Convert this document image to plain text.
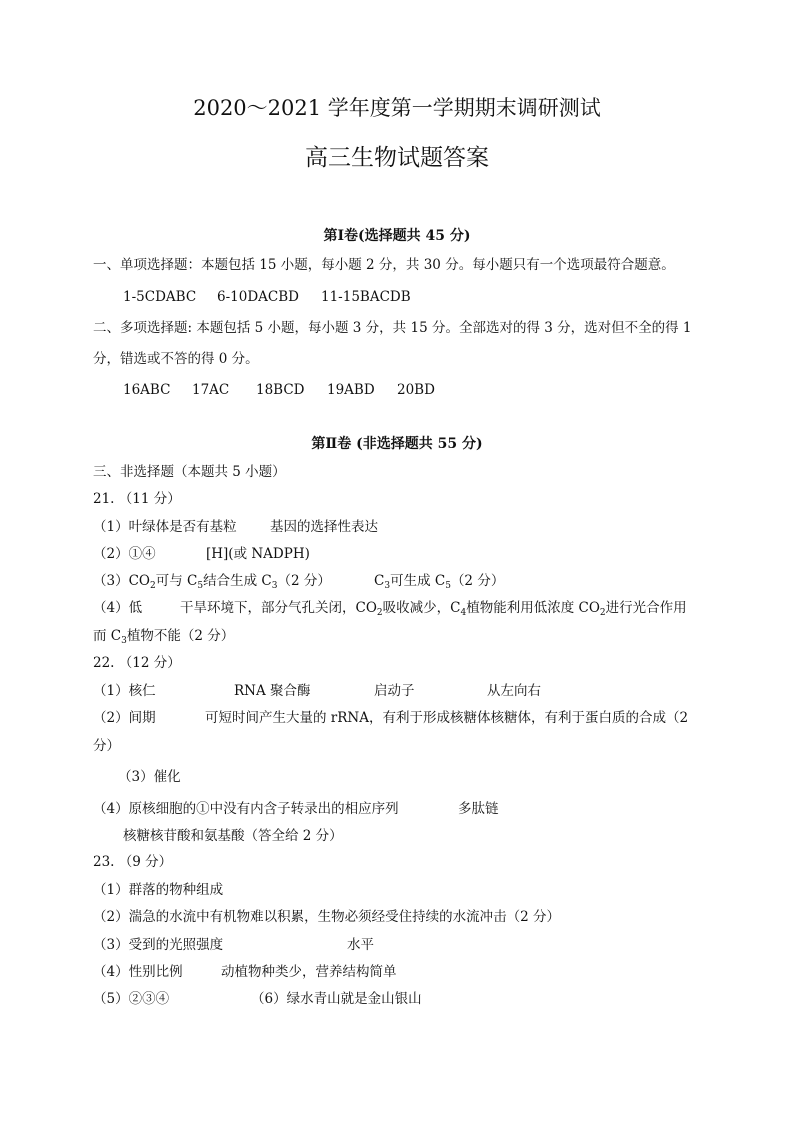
2020～2021 学年度第一学期期末调研测试
高三生物试题答案
第Ⅰ卷(选择题共 45 分)
一、单项选择题：本题包括 15 小题，每小题 2 分，共 30 分。每小题只有一个选项最符合题意。
1-5CDABC 6-10DACBD 11-15BACDB
二、多项选择题: 本题包括 5 小题，每小题 3 分，共 15 分。全部选对的得 3 分，选对但不全的得 1
分，错选或不答的得 0 分。
16ABC 17AC 18BCD 19ABD 20BD
第Ⅱ卷 (非选择题共 55 分)
三、非选择题（本题共 5 小题）
21. （11 分）
（1）叶绿体是否有基粒 基因的选择性表达
（2）①④	[H](或 NADPH)
$(3)CO_2$可与 $C_5$结合生成 $C_3(2$ 分）	$C_3$可生成 $C_5(2$ 分）
（4）低	干旱环境下，部分气孔关闭，$CO_2$吸收减少，$C_4$植物能利用低浓度 $CO_2$进行光合作用
而 $C_3$植物不能（2 分）
22. （12 分）
（1）核仁	RNA 聚合酶	启动子	从左向右
（2）间期	可短时间产生大量的 rRNA，有利于形成核糖体核糖体，有利于蛋白质的合成（2
分）
（3）催化
（4）原核细胞的①中没有内含子转录出的相应序列	多肽链
核糖核苷酸和氨基酸（答全给 2 分）
23. （9 分）
（1）群落的物种组成
（2）湍急的水流中有机物难以积累，生物必须经受住持续的水流冲击（2 分）
（3）受到的光照强度	水平
（4）性别比例	动植物种类少，营养结构简单
（5）②③④	（6）绿水青山就是金山银山
